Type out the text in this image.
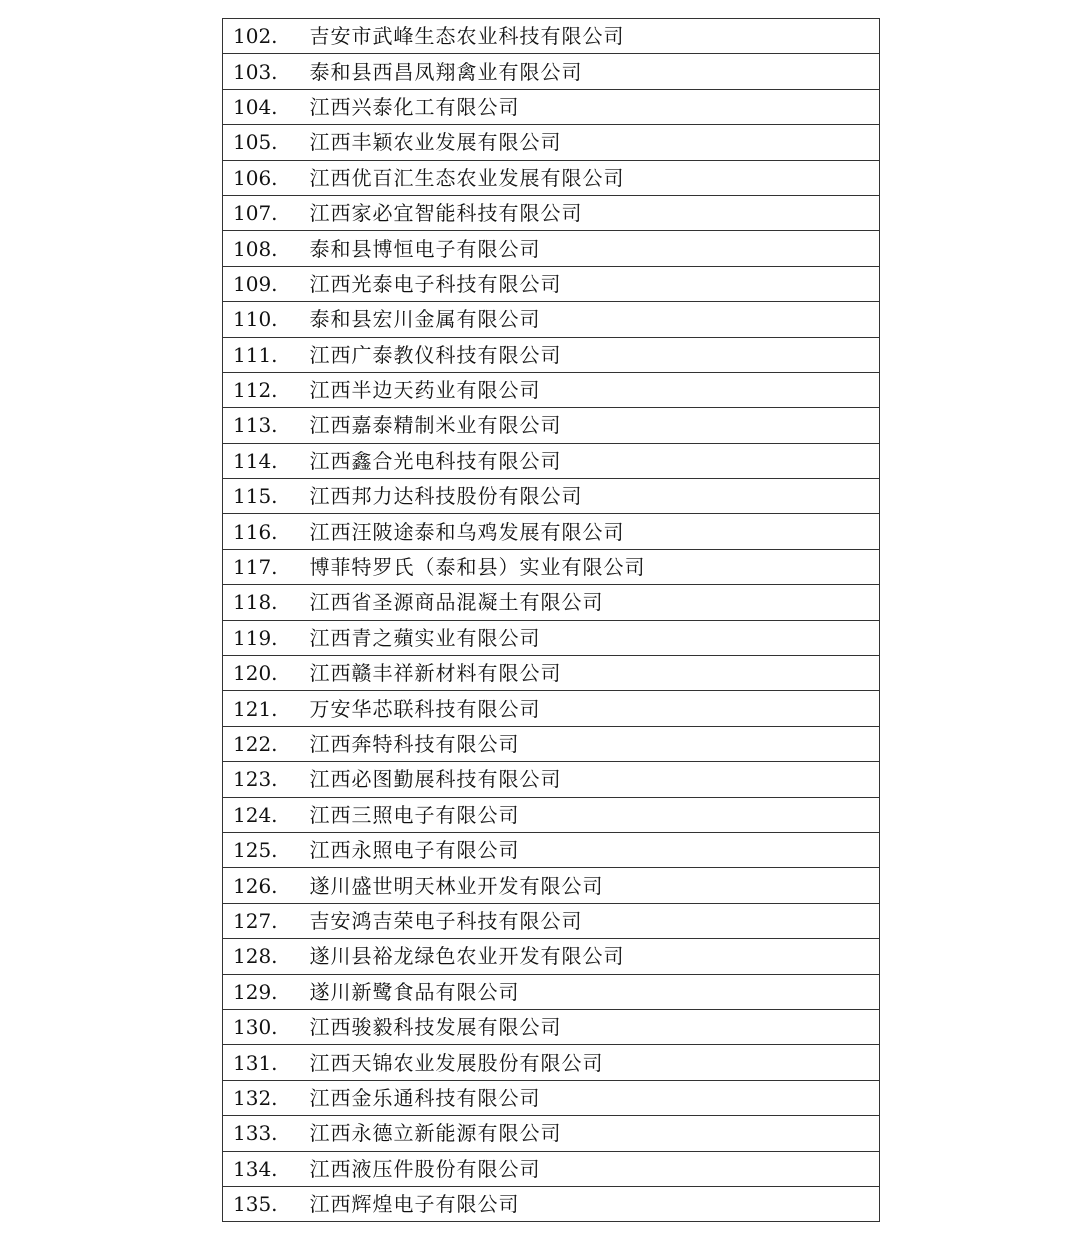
102.	吉安市武峰生态农业科技有限公司
103.	泰和县西昌凤翔禽业有限公司
104.	江西兴泰化工有限公司
105.	江西丰颖农业发展有限公司
106.	江西优百汇生态农业发展有限公司
107.	江西家必宜智能科技有限公司
108.	泰和县博恒电子有限公司
109.	江西光泰电子科技有限公司
110.	泰和县宏川金属有限公司
111.	江西广泰教仪科技有限公司
112.	江西半边天药业有限公司
113.	江西嘉泰精制米业有限公司
114.	江西鑫合光电科技有限公司
115.	江西邦力达科技股份有限公司
116.	江西汪陂途泰和乌鸡发展有限公司
117.	博菲特罗氏（泰和县）实业有限公司
118.	江西省圣源商品混凝土有限公司
119.	江西青之蘋实业有限公司
120.	江西赣丰祥新材料有限公司
121.	万安华芯联科技有限公司
122.	江西奔特科技有限公司
123.	江西必图勤展科技有限公司
124.	江西三照电子有限公司
125.	江西永照电子有限公司
126.	遂川盛世明天林业开发有限公司
127.	吉安鸿吉荣电子科技有限公司
128.	遂川县裕龙绿色农业开发有限公司
129.	遂川新鹭食品有限公司
130.	江西骏毅科技发展有限公司
131.	江西天锦农业发展股份有限公司
132.	江西金乐通科技有限公司
133.	江西永德立新能源有限公司
134.	江西液压件股份有限公司
135.	江西辉煌电子有限公司
